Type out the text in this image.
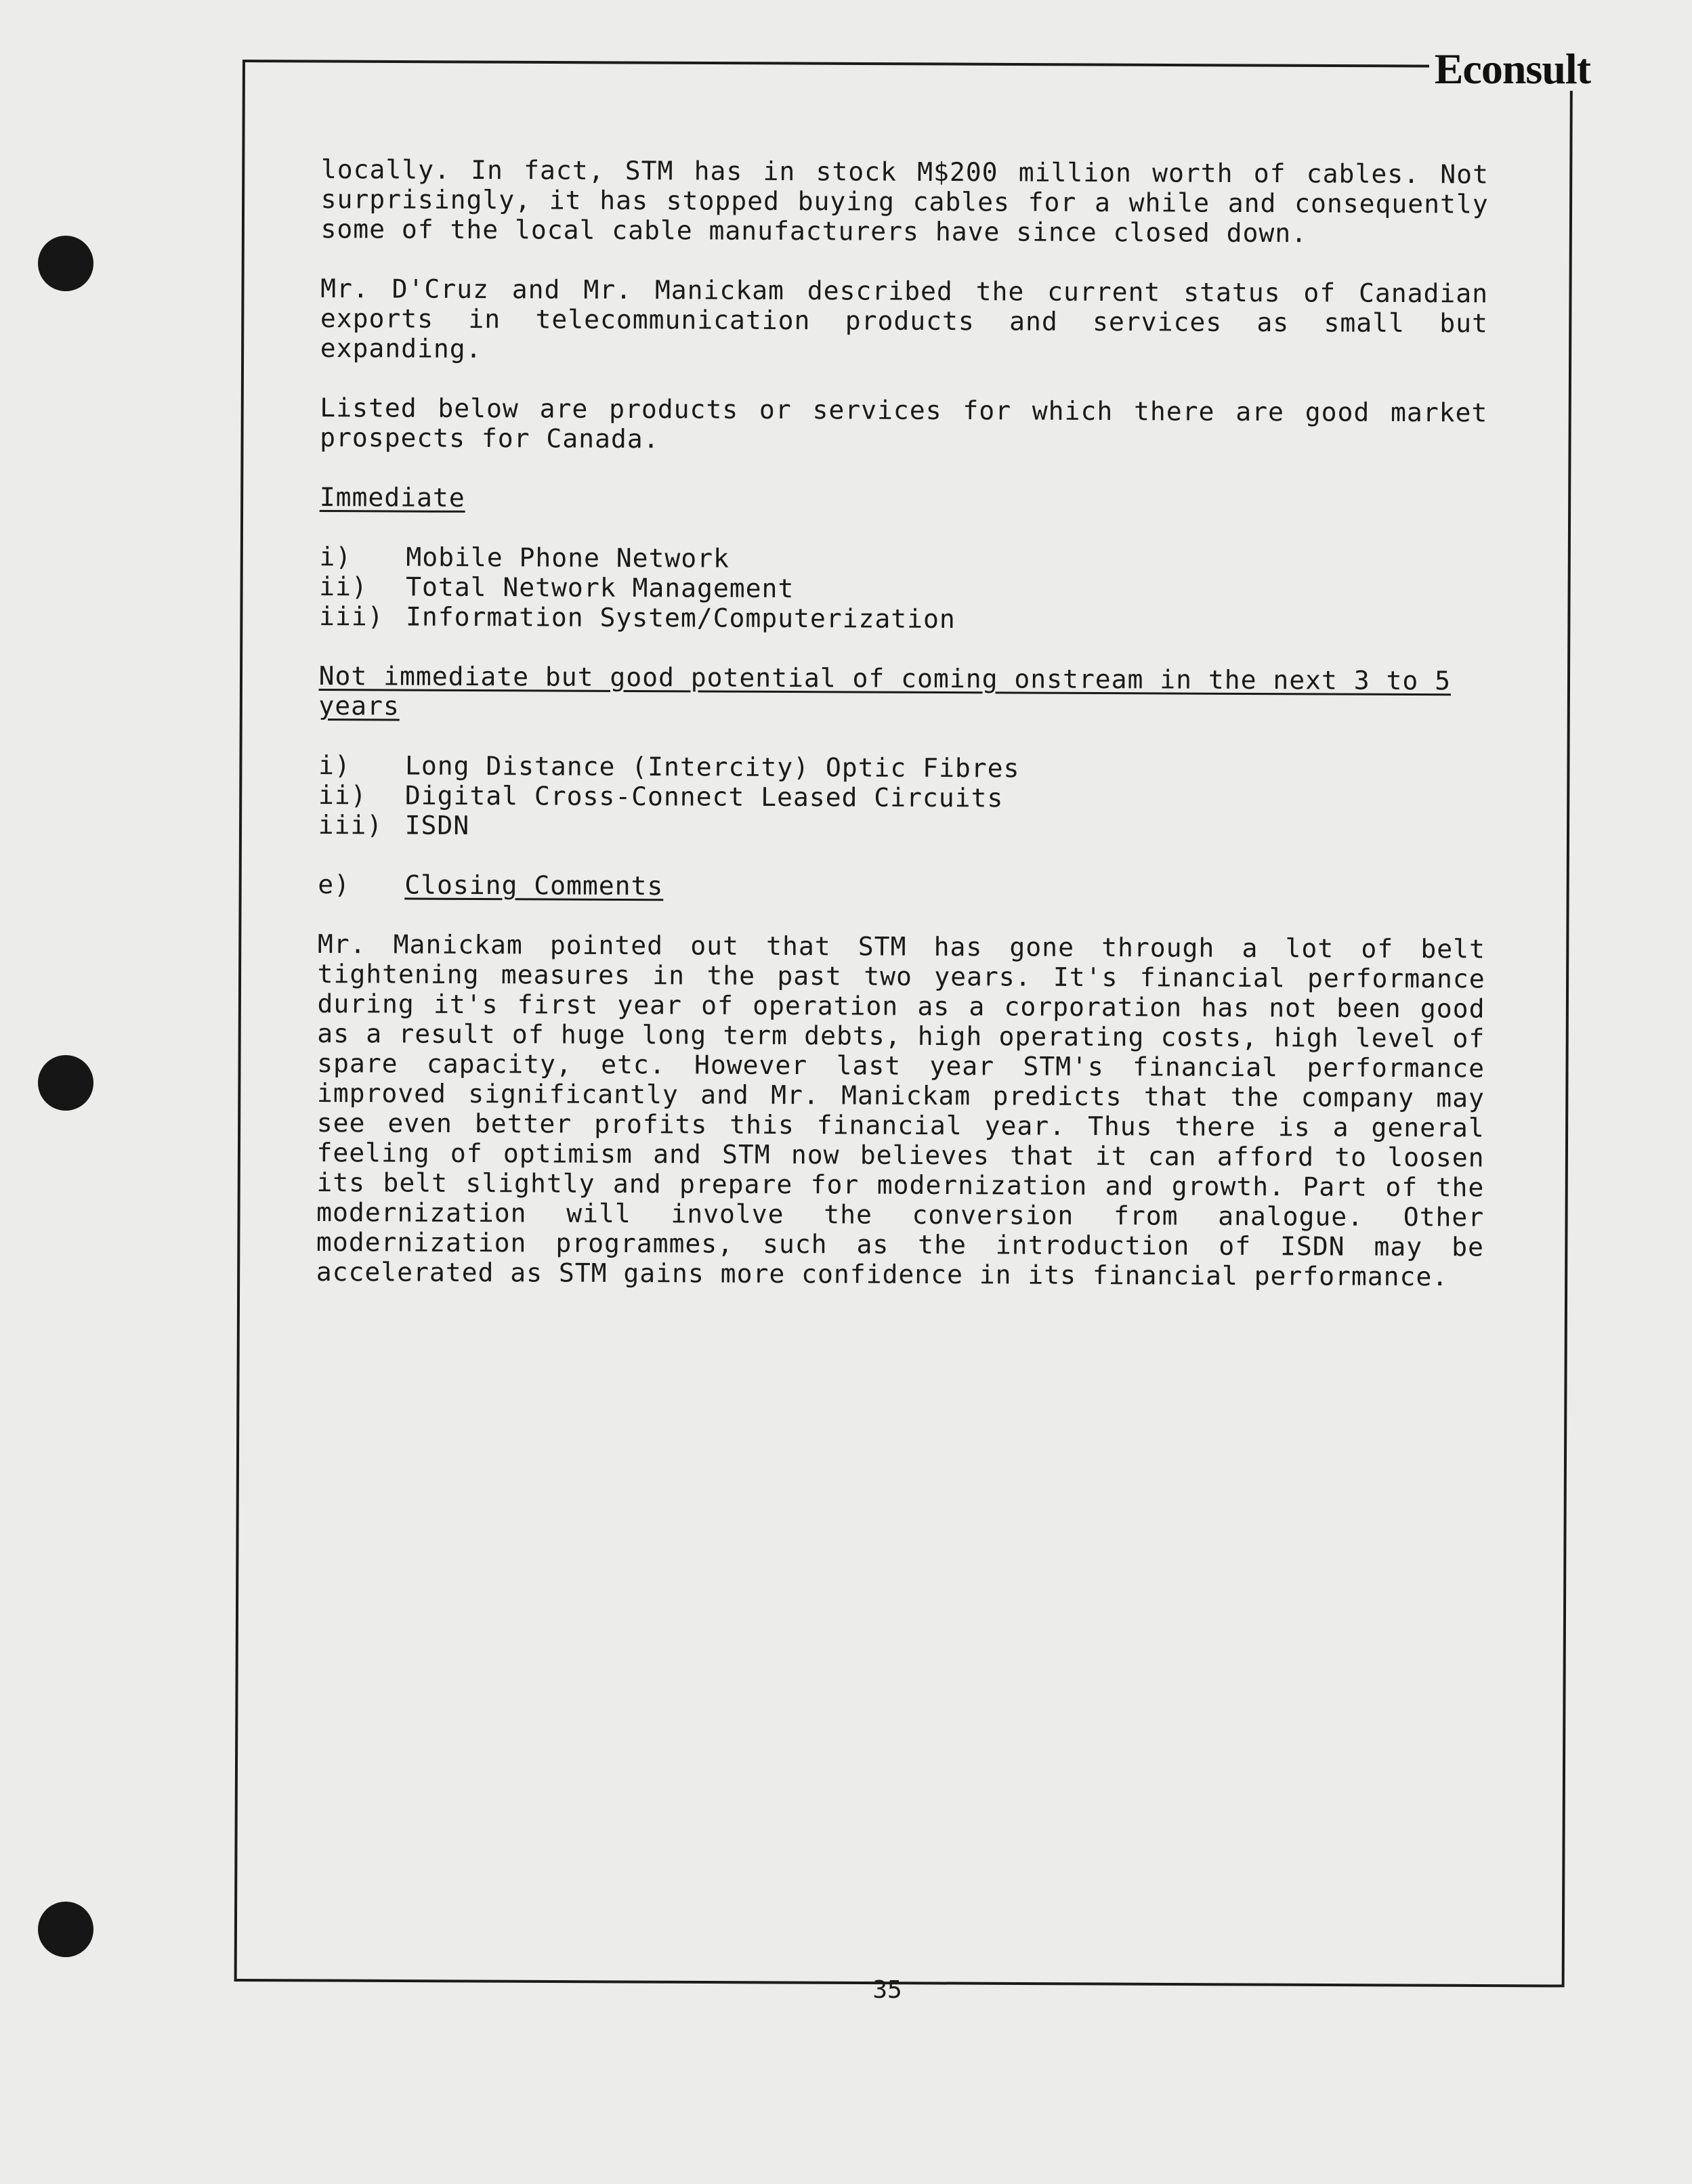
Econsult

locally. In fact, STM has in stock M$200 million worth of cables. Not surprisingly, it has stopped buying cables for a while and consequently some of the local cable manufacturers have since closed down.

Mr. D'Cruz and Mr. Manickam described the current status of Canadian exports in telecommunication products and services as small but expanding.

Listed below are products or services for which there are good market prospects for Canada.

Immediate
i)	Mobile Phone Network
ii)	Total Network Management
iii) Information System/Computerization
Not immediate but good potential of coming onstream in the next 3 to 5 years
i)	Long Distance (Intercity) Optic Fibres
ii)	Digital Cross-Connect Leased Circuits
iii) ISDN
e)	Closing Comments

Mr. Manickam pointed out that STM has gone through a lot of belt tightening measures in the past two years. It's financial performance during it's first year of operation as a corporation has not been good as a result of huge long term debts, high operating costs, high level of spare capacity, etc. However last year STM's financial performance improved significantly and Mr. Manickam predicts that the company may see even better profits this financial year. Thus there is a general feeling of optimism and STM now believes that it can afford to loosen its belt slightly and prepare for modernization and growth. Part of the modernization will involve the conversion from analogue. Other modernization programmes, such as the introduction of ISDN may be accelerated as STM gains more confidence in its financial performance.

35
